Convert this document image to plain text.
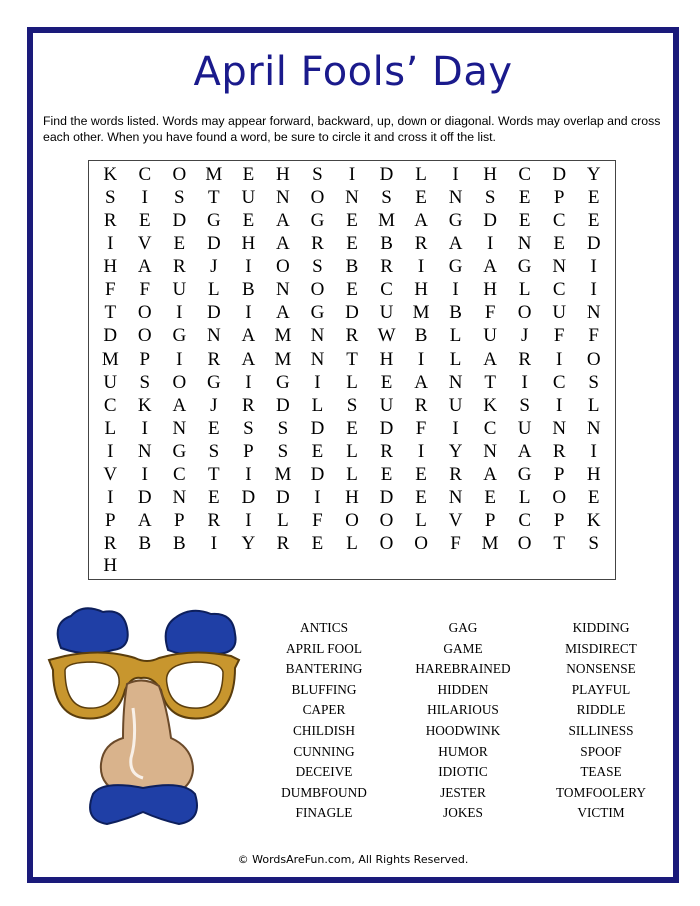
April Fools’ Day
Find the words listed. Words may appear forward, backward, up, down or diagonal. Words may overlap and cross each other. When you have found a word, be sure to circle it and cross it off the list.
K	C	O	M	E	H	S	I	D	L	I	H	C	D	Y
S	I	S	T	U	N	O	N	S	E	N	S	E	P	E
R	E	D	G	E	A	G	E	M	A	G	D	E	C	E
I	V	E	D	H	A	R	E	B	R	A	I	N	E	D
H	A	R	J	I	O	S	B	R	I	G	A	G	N	I
F	F	U	L	B	N	O	E	C	H	I	H	L	C	I
T	O	I	D	I	A	G	D	U	M	B	F	O	U	N
D	O	G	N	A	M	N	R	W	B	L	U	J	F	F
M	P	I	R	A	M	N	T	H	I	L	A	R	I	O
U	S	O	G	I	G	I	L	E	A	N	T	I	C	S
C	K	A	J	R	D	L	S	U	R	U	K	S	I	L
L	I	N	E	S	S	D	E	D	F	I	C	U	N	N
I	N	G	S	P	S	E	L	R	I	Y	N	A	R	I
V	I	C	T	I	M	D	L	E	E	R	A	G	P	H
I	D	N	E	D	D	I	H	D	E	N	E	L	O	E
P	A	P	R	I	L	F	O	O	L	V	P	C	P	K
R	B	B	I	Y	R	E	L	O	O	F	M	O	T	S
H
ANTICS
APRIL FOOL
BANTERING
BLUFFING
CAPER
CHILDISH
CUNNING
DECEIVE
DUMBFOUND
FINAGLE
GAG
GAME
HAREBRAINED
HIDDEN
HILARIOUS
HOODWINK
HUMOR
IDIOTIC
JESTER
JOKES
KIDDING
MISDIRECT
NONSENSE
PLAYFUL
RIDDLE
SILLINESS
SPOOF
TEASE
TOMFOOLERY
VICTIM
© WordsAreFun.com, All Rights Reserved.
